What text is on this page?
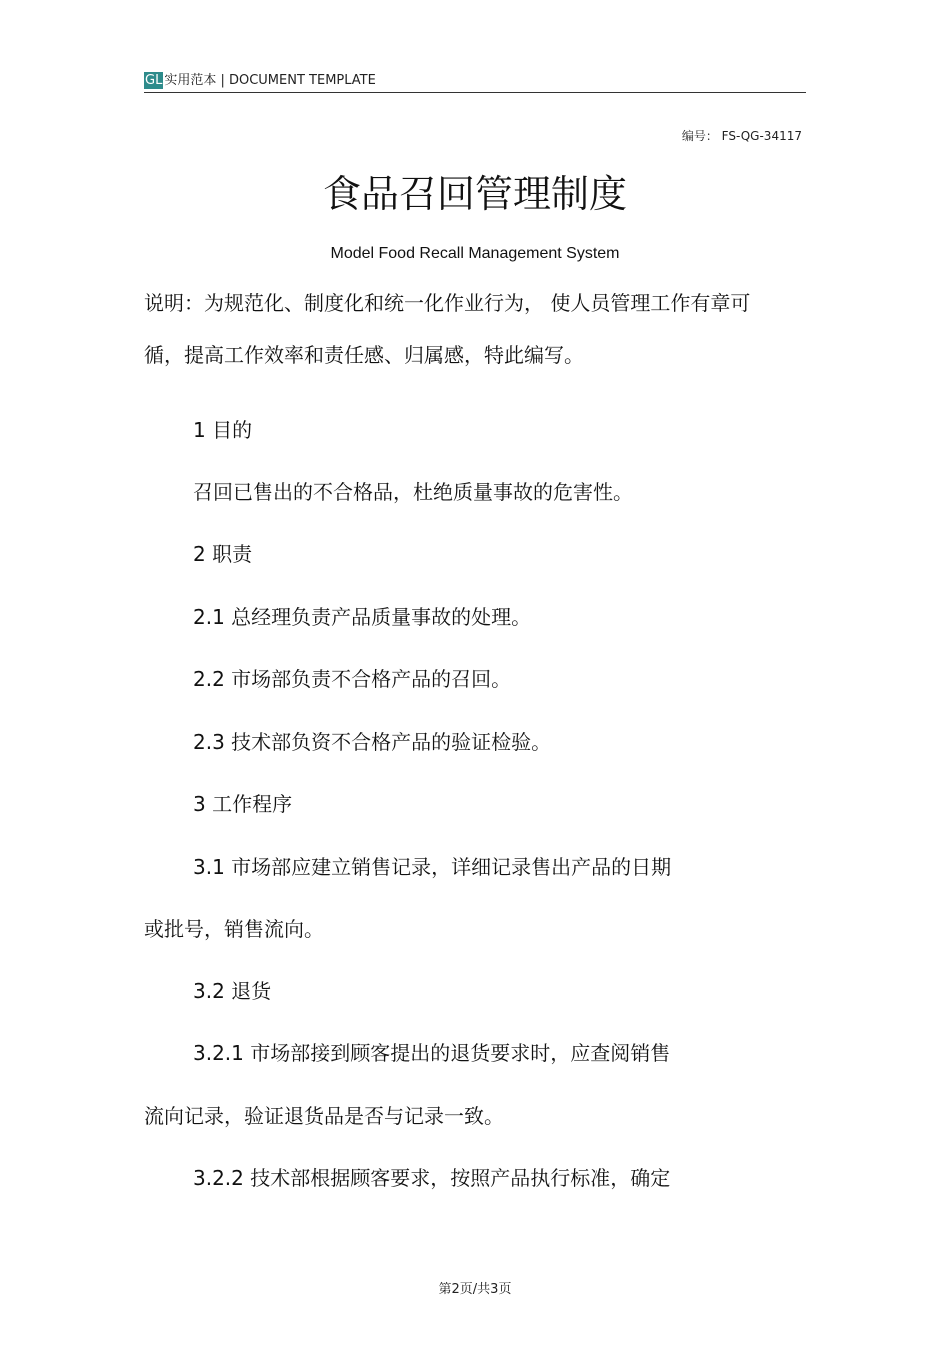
GL 实用范本 | DOCUMENT TEMPLATE
编号： FS-QG-34117
食品召回管理制度
Model Food Recall Management System
说明：为规范化、制度化和统一化作业行为， 使人员管理工作有章可
循，提高工作效率和责任感、归属感，特此编写。
1 目的
召回已售出的不合格品，杜绝质量事故的危害性。
2 职责
2.1 总经理负责产品质量事故的处理。
2.2 市场部负责不合格产品的召回。
2.3 技术部负资不合格产品的验证检验。
3 工作程序
3.1 市场部应建立销售记录，详细记录售出产品的日期
或批号，销售流向。
3.2 退货
3.2.1 市场部接到顾客提出的退货要求时，应查阅销售
流向记录，验证退货品是否与记录一致。
3.2.2 技术部根据顾客要求，按照产品执行标准，确定
第2页/共3页
